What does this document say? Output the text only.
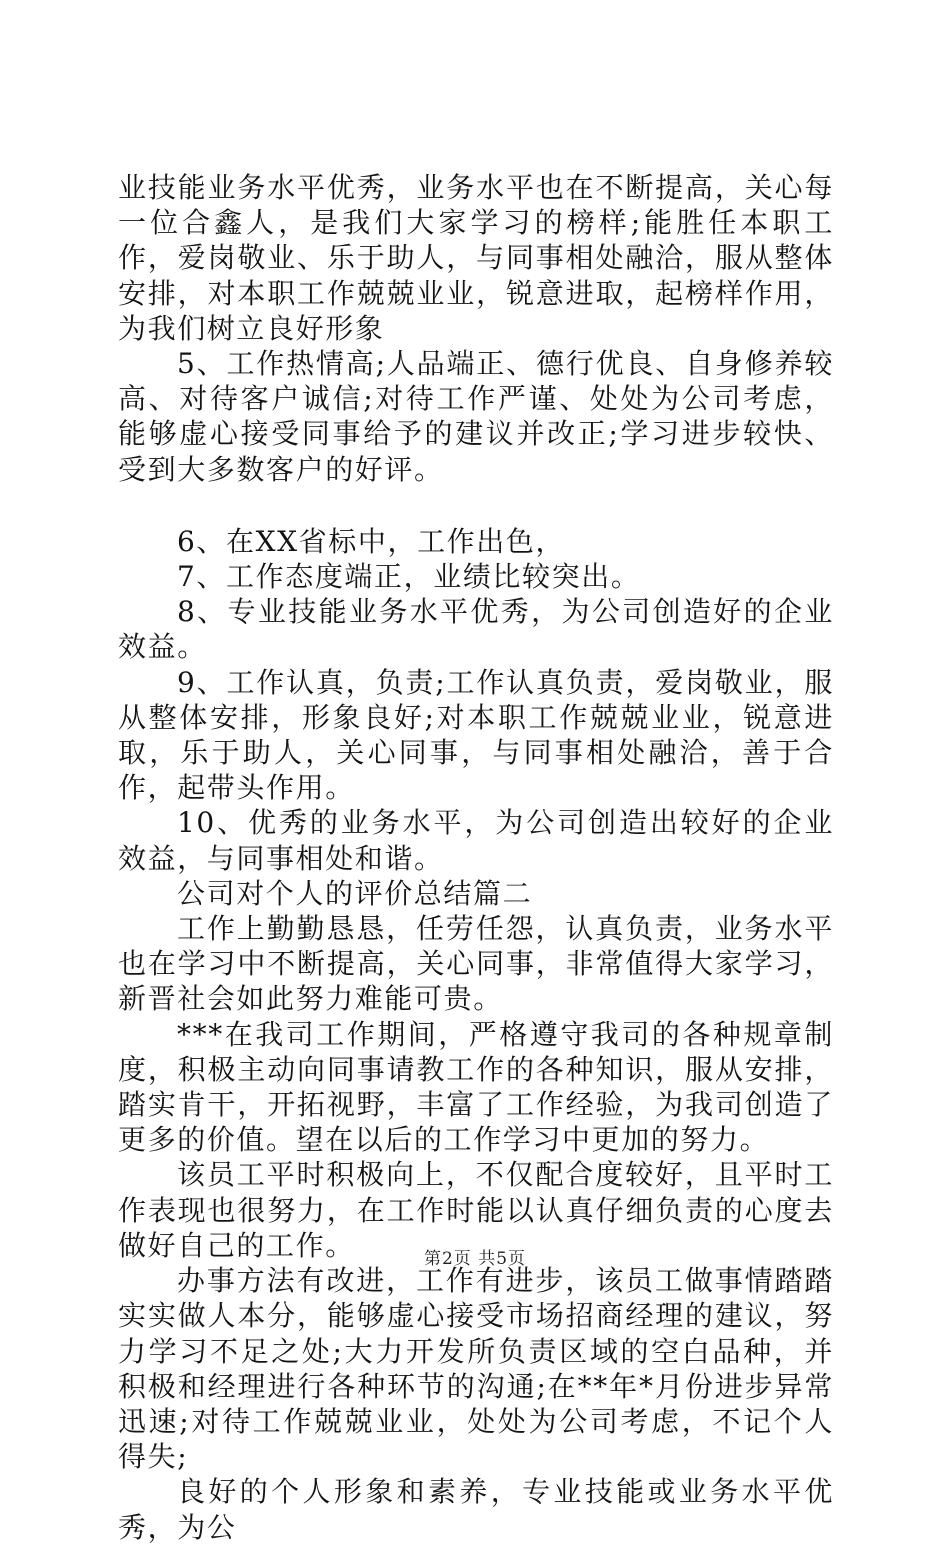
业技能业务水平优秀，业务水平也在不断提高，关心每一位合鑫人，是我们大家学习的榜样;能胜任本职工作，爱岗敬业、乐于助人，与同事相处融洽，服从整体安排，对本职工作兢兢业业，锐意进取，起榜样作用，为我们树立良好形象

5、工作热情高;人品端正、德行优良、自身修养较高、对待客户诚信;对待工作严谨、处处为公司考虑，能够虚心接受同事给予的建议并改正;学习进步较快、受到大多数客户的好评。

6、在XX省标中，工作出色，

7、工作态度端正，业绩比较突出。

8、专业技能业务水平优秀，为公司创造好的企业效益。

9、工作认真，负责;工作认真负责，爱岗敬业，服从整体安排，形象良好;对本职工作兢兢业业，锐意进取，乐于助人，关心同事，与同事相处融洽，善于合作，起带头作用。

10、优秀的业务水平，为公司创造出较好的企业效益，与同事相处和谐。

公司对个人的评价总结篇二

工作上勤勤恳恳，任劳任怨，认真负责，业务水平也在学习中不断提高，关心同事，非常值得大家学习，新晋社会如此努力难能可贵。

***在我司工作期间，严格遵守我司的各种规章制度，积极主动向同事请教工作的各种知识，服从安排，踏实肯干，开拓视野，丰富了工作经验，为我司创造了更多的价值。望在以后的工作学习中更加的努力。

该员工平时积极向上，不仅配合度较好，且平时工作表现也很努力，在工作时能以认真仔细负责的心度去做好自己的工作。

办事方法有改进，工作有进步，该员工做事情踏踏实实做人本分，能够虚心接受市场招商经理的建议，努力学习不足之处;大力开发所负责区域的空白品种，并积极和经理进行各种环节的沟通;在**年*月份进步异常迅速;对待工作兢兢业业，处处为公司考虑，不记个人得失;

良好的个人形象和素养，专业技能或业务水平优秀，为公

第2页 共5页
